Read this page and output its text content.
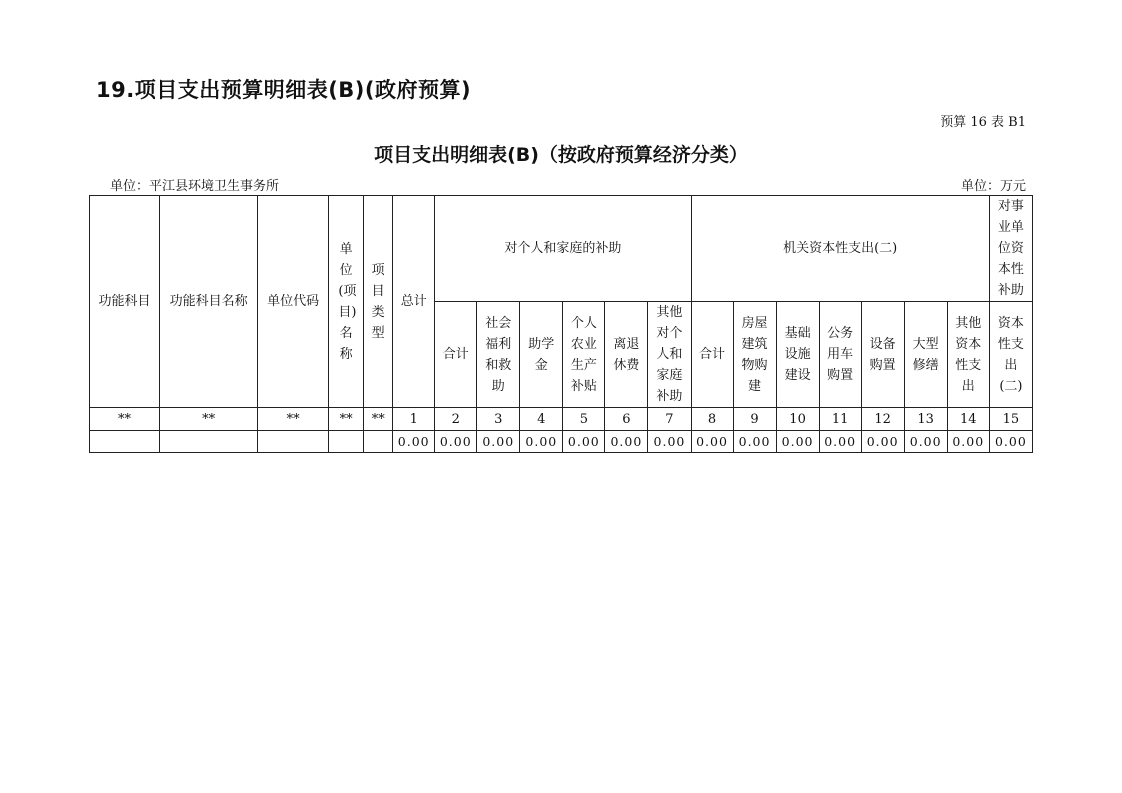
19.项目支出预算明细表(B)(政府预算)
预算 16 表 B1
项目支出明细表(B)（按政府预算经济分类）
单位：平江县环境卫生事务所	单位：万元
功能科目	功能科目名称	单位代码	单位(项目)名称	项目类型	总计	对个人和家庭的补助						机关资本性支出(二)							对事业单位资本性补助
						合计	社会福利和救助	助学金	个人农业生产补贴	离退休费	其他对个人和家庭补助	合计	房屋建筑物购建	基础设施建设	公务用车购置	设备购置	大型修缮	其他资本性支出	资本性支出(二)
**	**	**	**	**	1	2	3	4	5	6	7	8	9	10	11	12	13	14	15
					0.00	0.00	0.00	0.00	0.00	0.00	0.00	0.00	0.00	0.00	0.00	0.00	0.00	0.00	0.00
